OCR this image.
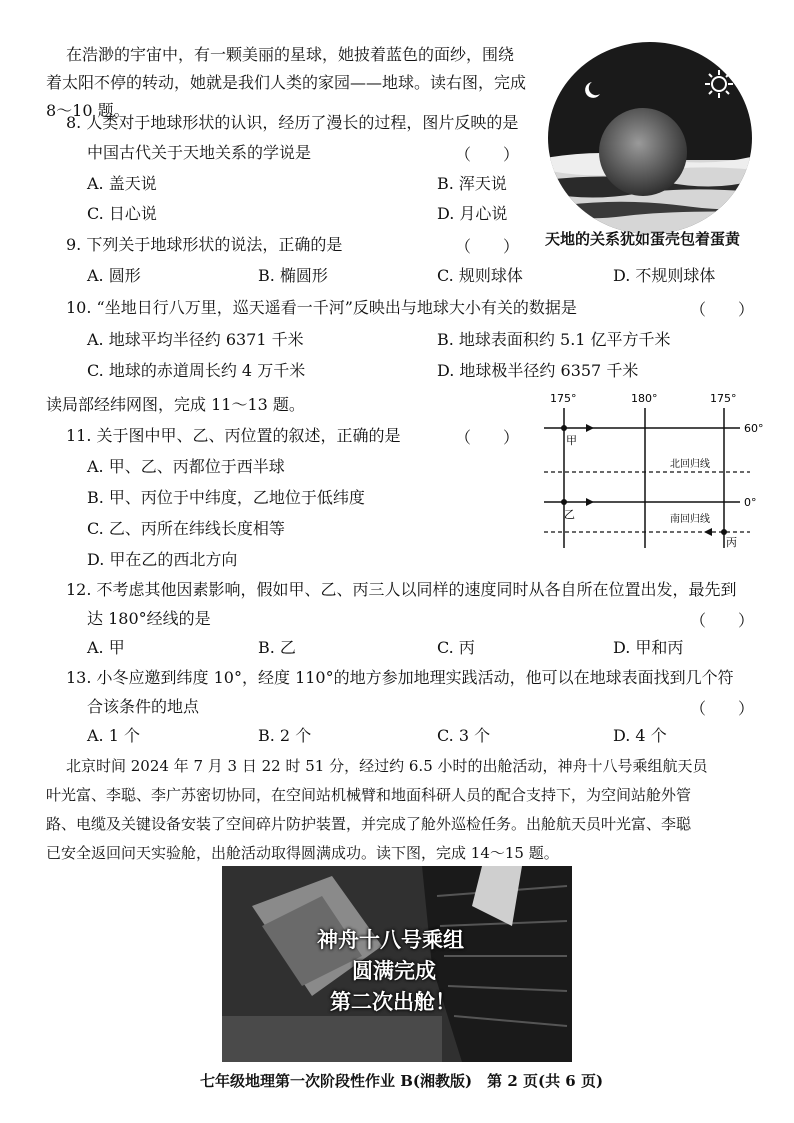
在浩渺的宇宙中，有一颗美丽的星球，她披着蓝色的面纱，围绕
着太阳不停的转动，她就是我们人类的家园——地球。读右图，完成
8～10 题。
天地的关系犹如蛋壳包着蛋黄
8. 人类对于地球形状的认识，经历了漫长的过程，图片反映的是
中国古代关于天地关系的学说是	（　　）
A. 盖天说	B. 浑天说
C. 日心说	D. 月心说
9. 下列关于地球形状的说法，正确的是	（　　）
A. 圆形	B. 椭圆形	C. 规则球体	D. 不规则球体
10. “坐地日行八万里，巡天遥看一千河”反映出与地球大小有关的数据是	（　　）
A. 地球平均半径约 6371 千米	B. 地球表面积约 5.1 亿平方千米
C. 地球的赤道周长约 4 万千米	D. 地球极半径约 6357 千米
读局部经纬网图，完成 11～13 题。	175°	180°	175°
60°
北回归线
0°
南回归线
甲
乙
丙
11. 关于图中甲、乙、丙位置的叙述，正确的是	（　　）
A. 甲、乙、丙都位于西半球
B. 甲、丙位于中纬度，乙地位于低纬度
C. 乙、丙所在纬线长度相等
D. 甲在乙的西北方向
12. 不考虑其他因素影响，假如甲、乙、丙三人以同样的速度同时从各自所在位置出发，最先到
达 180°经线的是	（　　）
A. 甲	B. 乙	C. 丙	D. 甲和丙
13. 小冬应邀到纬度 10°，经度 110°的地方参加地理实践活动，他可以在地球表面找到几个符
合该条件的地点	（　　）
A. 1 个	B. 2 个	C. 3 个	D. 4 个
北京时间 2024 年 7 月 3 日 22 时 51 分，经过约 6.5 小时的出舱活动，神舟十八号乘组航天员
叶光富、李聪、李广苏密切协同，在空间站机械臂和地面科研人员的配合支持下，为空间站舱外管
路、电缆及关键设备安装了空间碎片防护装置，并完成了舱外巡检任务。出舱航天员叶光富、李聪
已安全返回问天实验舱，出舱活动取得圆满成功。读下图，完成 14～15 题。
神舟十八号乘组
圆满完成
第二次出舱！
七年级地理第一次阶段性作业 B(湘教版)　第 2 页(共 6 页)
